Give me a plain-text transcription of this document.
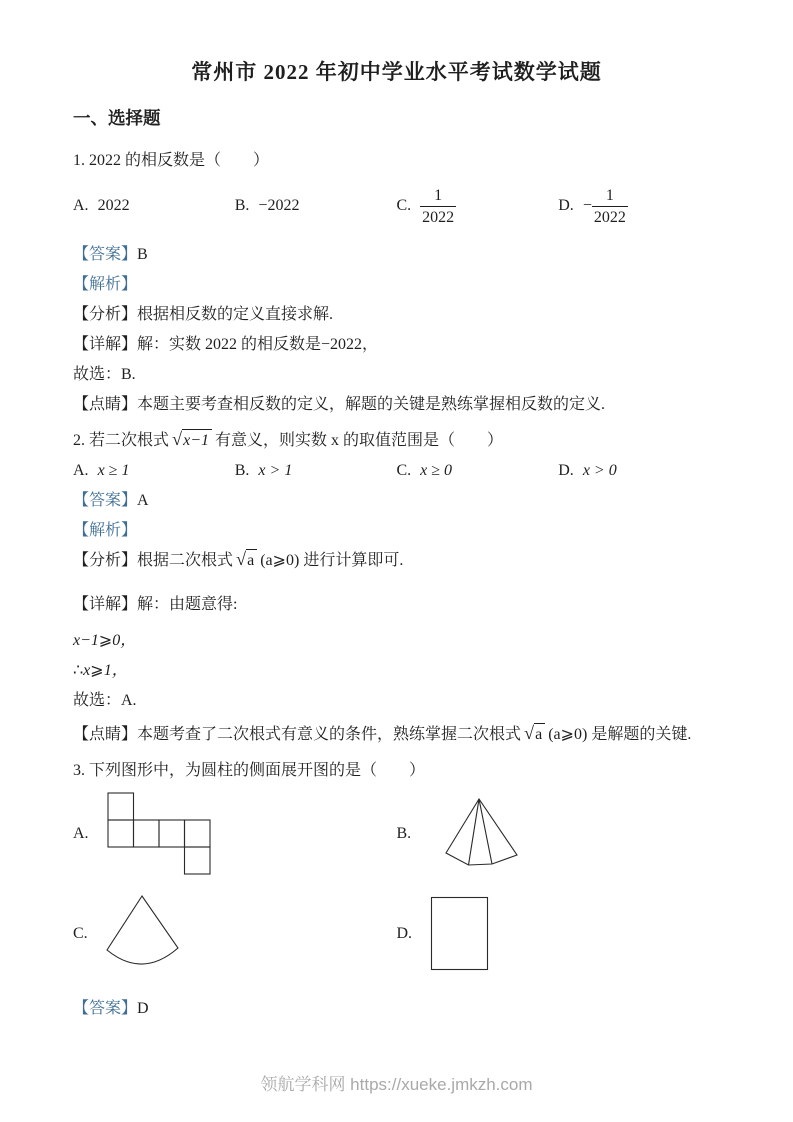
常州市 2022 年初中学业水平考试数学试题
一、选择题

1. 2022 的相反数是（　　）

A. 2022	B. −2022	C. $\frac{1}{2022}$	D. − $\frac{1}{2022}$

【答案】B

【解析】

【分析】根据相反数的定义直接求解.

【详解】解：实数 2022 的相反数是−2022，

故选：B.

【点睛】本题主要考查相反数的定义，解题的关键是熟练掌握相反数的定义.

2. 若二次根式 √ x−1 有意义，则实数 x 的取值范围是（　　）

A. x ≥ 1	B. x > 1	C. x ≥ 0	D. x > 0

【答案】A

【解析】

【分析】根据二次根式 √ a (a⩾0) 进行计算即可.

【详解】解：由题意得:

x−1⩾0，

∴x⩾1，

故选：A.

【点睛】本题考查了二次根式有意义的条件，熟练掌握二次根式 √ a (a⩾0) 是解题的关键.

3. 下列图形中，为圆柱的侧面展开图的是（　　）

A.	B.
C.	D.

【答案】D

领航学科网 https://xueke.jmkzh.com
